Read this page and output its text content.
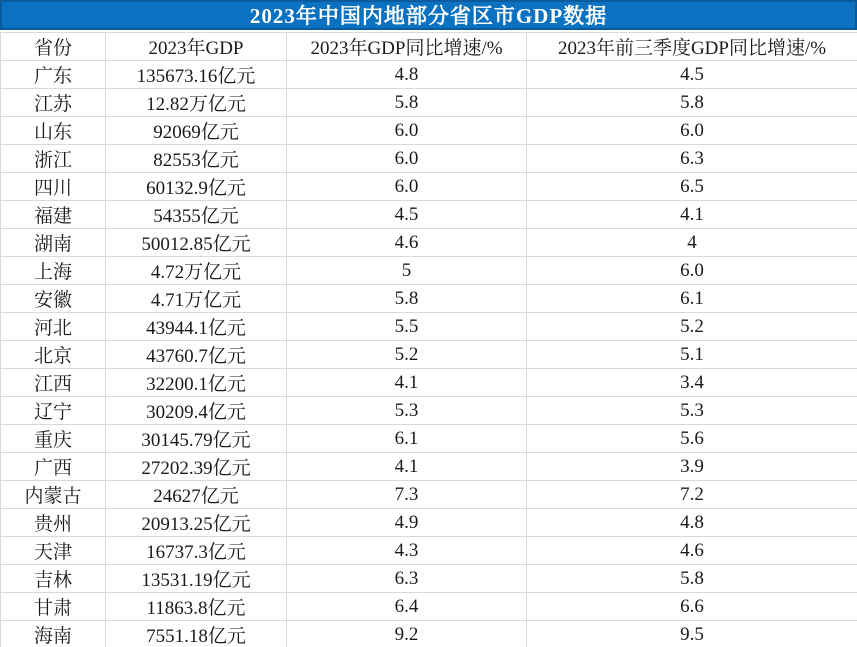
2023年中国内地部分省区市GDP数据
省份	2023年GDP	2023年GDP同比增速/%	2023年前三季度GDP同比增速/%
广东	135673.16亿元	4.8	4.5
江苏	12.82万亿元	5.8	5.8
山东	92069亿元	6.0	6.0
浙江	82553亿元	6.0	6.3
四川	60132.9亿元	6.0	6.5
福建	54355亿元	4.5	4.1
湖南	50012.85亿元	4.6	4
上海	4.72万亿元	5	6.0
安徽	4.71万亿元	5.8	6.1
河北	43944.1亿元	5.5	5.2
北京	43760.7亿元	5.2	5.1
江西	32200.1亿元	4.1	3.4
辽宁	30209.4亿元	5.3	5.3
重庆	30145.79亿元	6.1	5.6
广西	27202.39亿元	4.1	3.9
内蒙古	24627亿元	7.3	7.2
贵州	20913.25亿元	4.9	4.8
天津	16737.3亿元	4.3	4.6
吉林	13531.19亿元	6.3	5.8
甘肃	11863.8亿元	6.4	6.6
海南	7551.18亿元	9.2	9.5
